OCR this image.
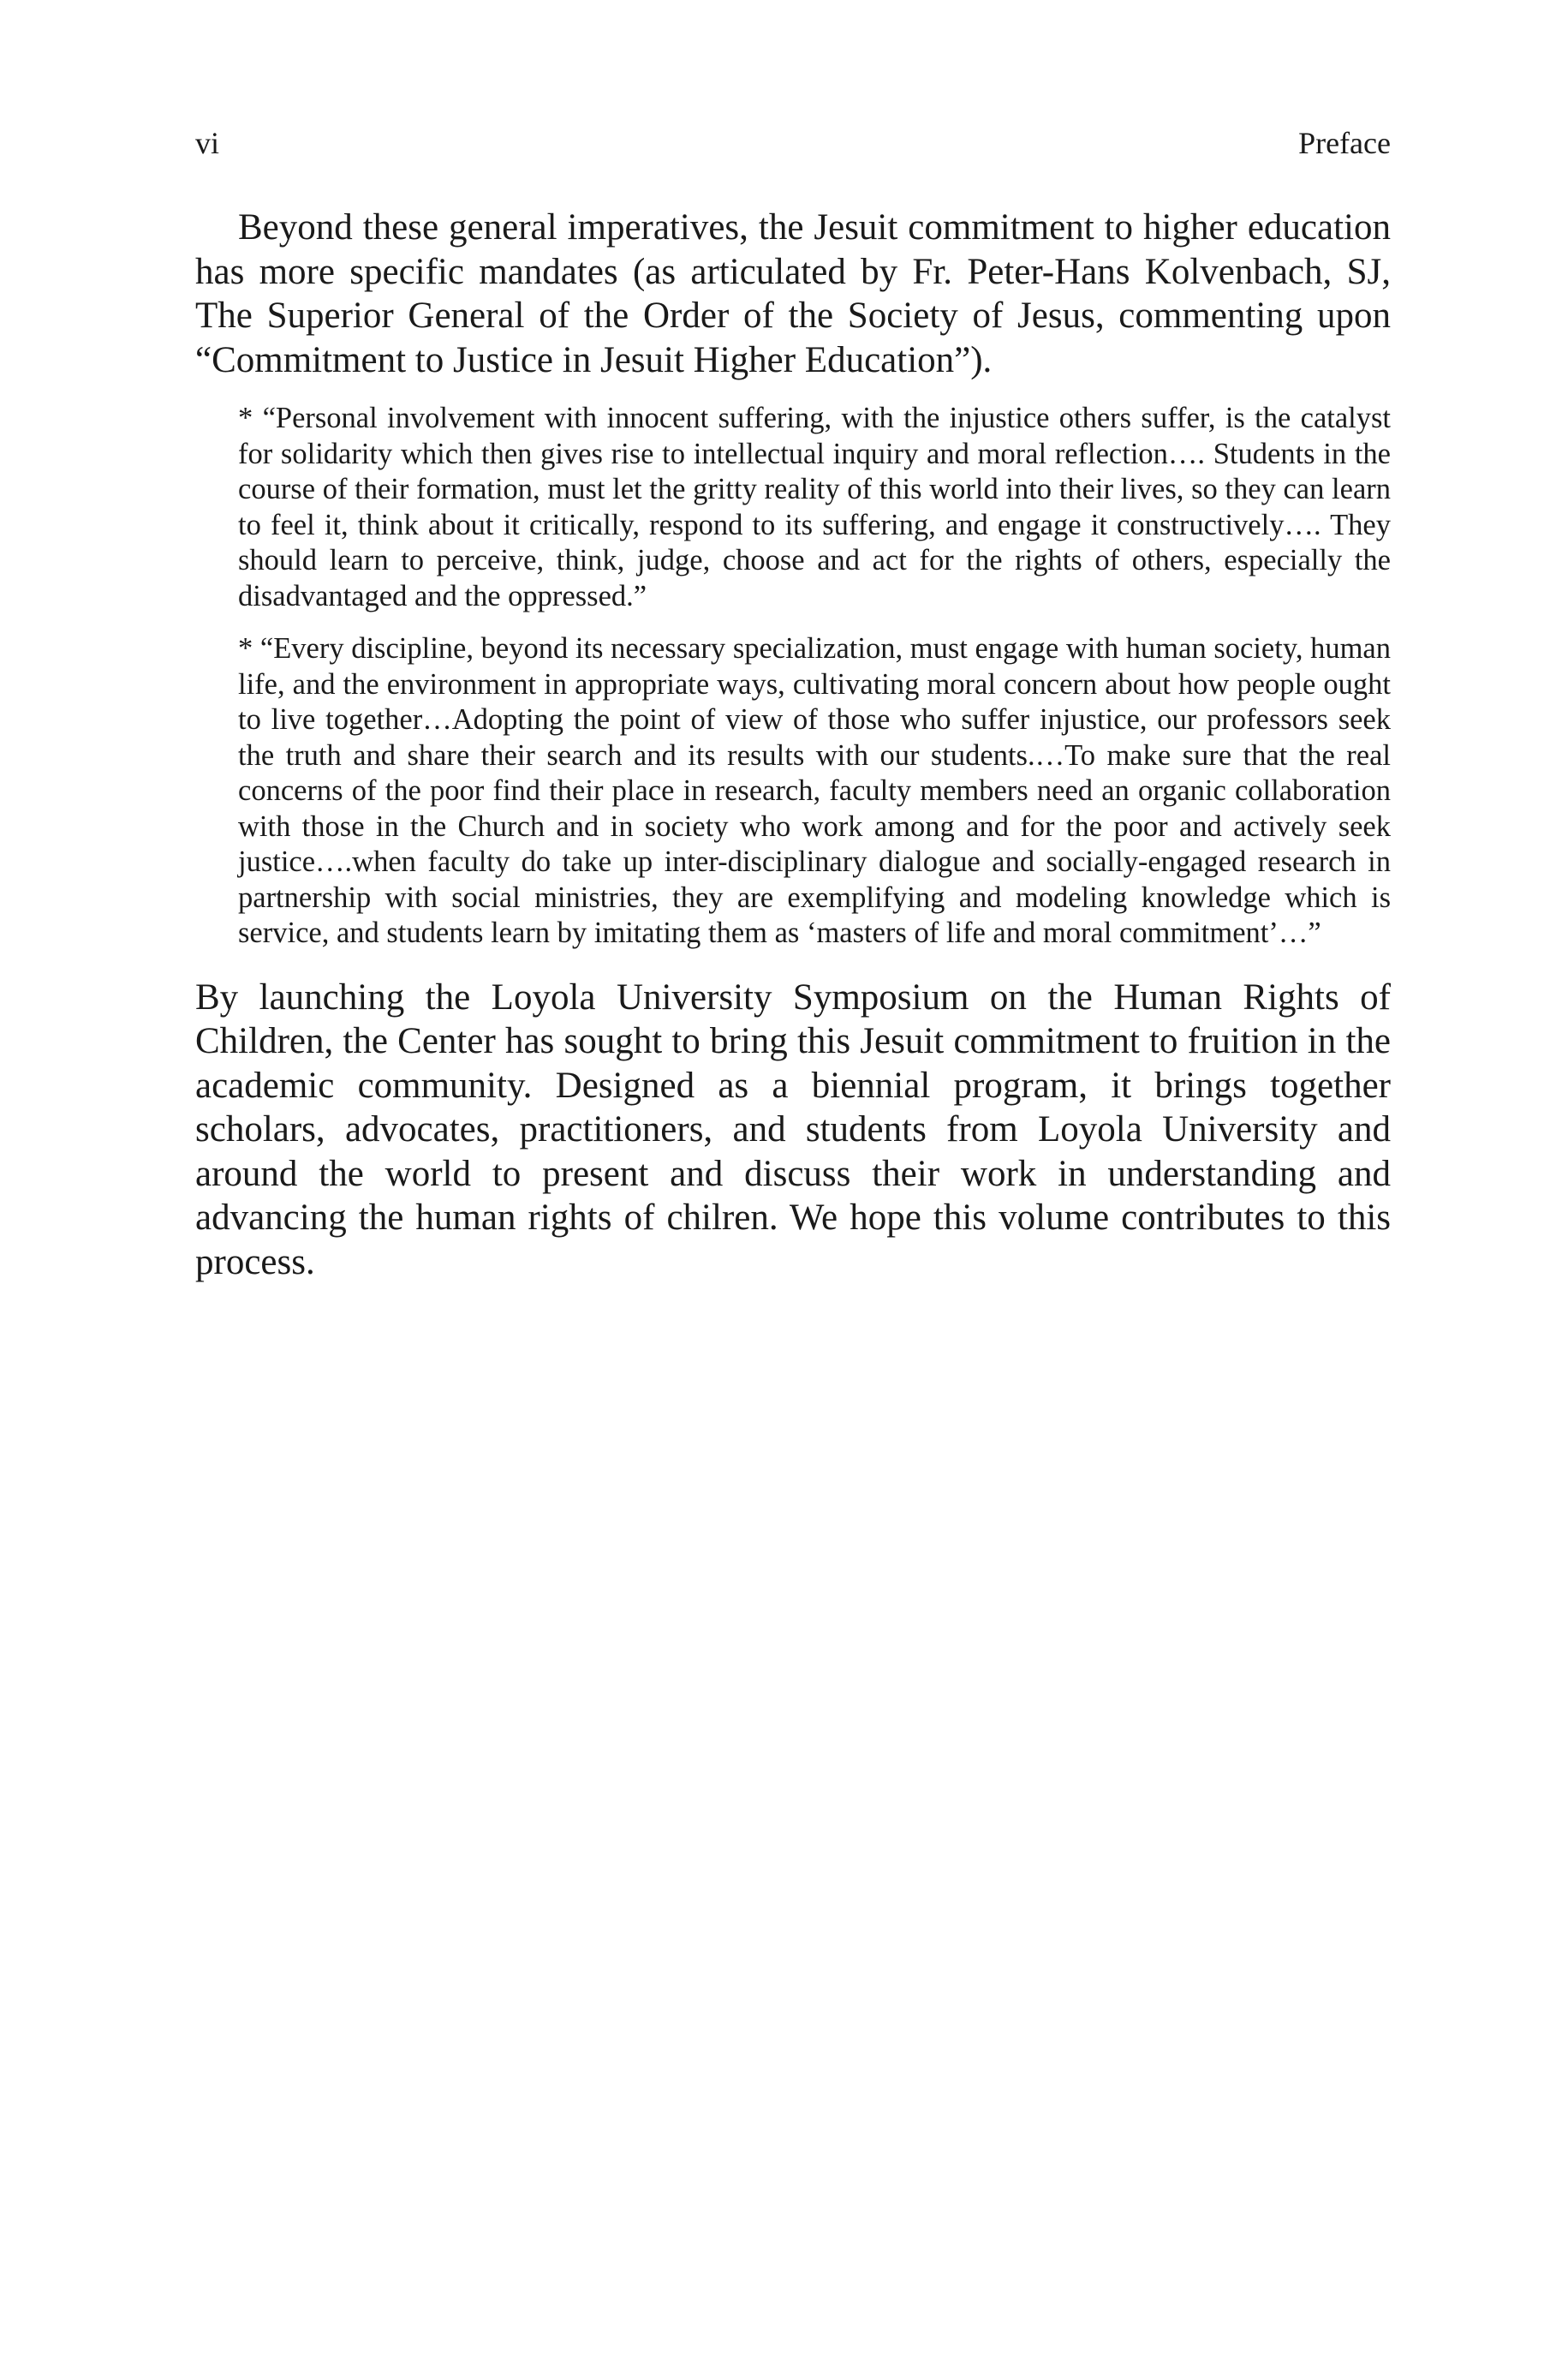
vi	Preface

Beyond these general imperatives, the Jesuit commitment to higher education has more specific mandates (as articulated by Fr. Peter-Hans Kolvenbach, SJ, The Superior General of the Order of the Society of Jesus, commenting upon “Commitment to Justice in Jesuit Higher Education”).

* “Personal involvement with innocent suffering, with the injustice others suffer, is the catalyst for solidarity which then gives rise to intellectual inquiry and moral reflection…. Students in the course of their formation, must let the gritty reality of this world into their lives, so they can learn to feel it, think about it critically, respond to its suffering, and engage it constructively…. They should learn to perceive, think, judge, choose and act for the rights of others, especially the disadvantaged and the oppressed.”

* “Every discipline, beyond its necessary specialization, must engage with human society, human life, and the environment in appropriate ways, cultivating moral concern about how people ought to live together…Adopting the point of view of those who suffer injustice, our professors seek the truth and share their search and its results with our students.…To make sure that the real concerns of the poor find their place in research, faculty members need an organic collaboration with those in the Church and in society who work among and for the poor and actively seek justice….when faculty do take up inter-disciplinary dialogue and socially-engaged research in partnership with social ministries, they are exemplifying and modeling knowledge which is service, and students learn by imitating them as ‘masters of life and moral commitment’…”

By launching the Loyola University Symposium on the Human Rights of Children, the Center has sought to bring this Jesuit commitment to fruition in the academic community. Designed as a biennial program, it brings together scholars, advocates, practitioners, and students from Loyola University and around the world to present and discuss their work in understanding and advancing the human rights of chilren. We hope this volume contributes to this process.
